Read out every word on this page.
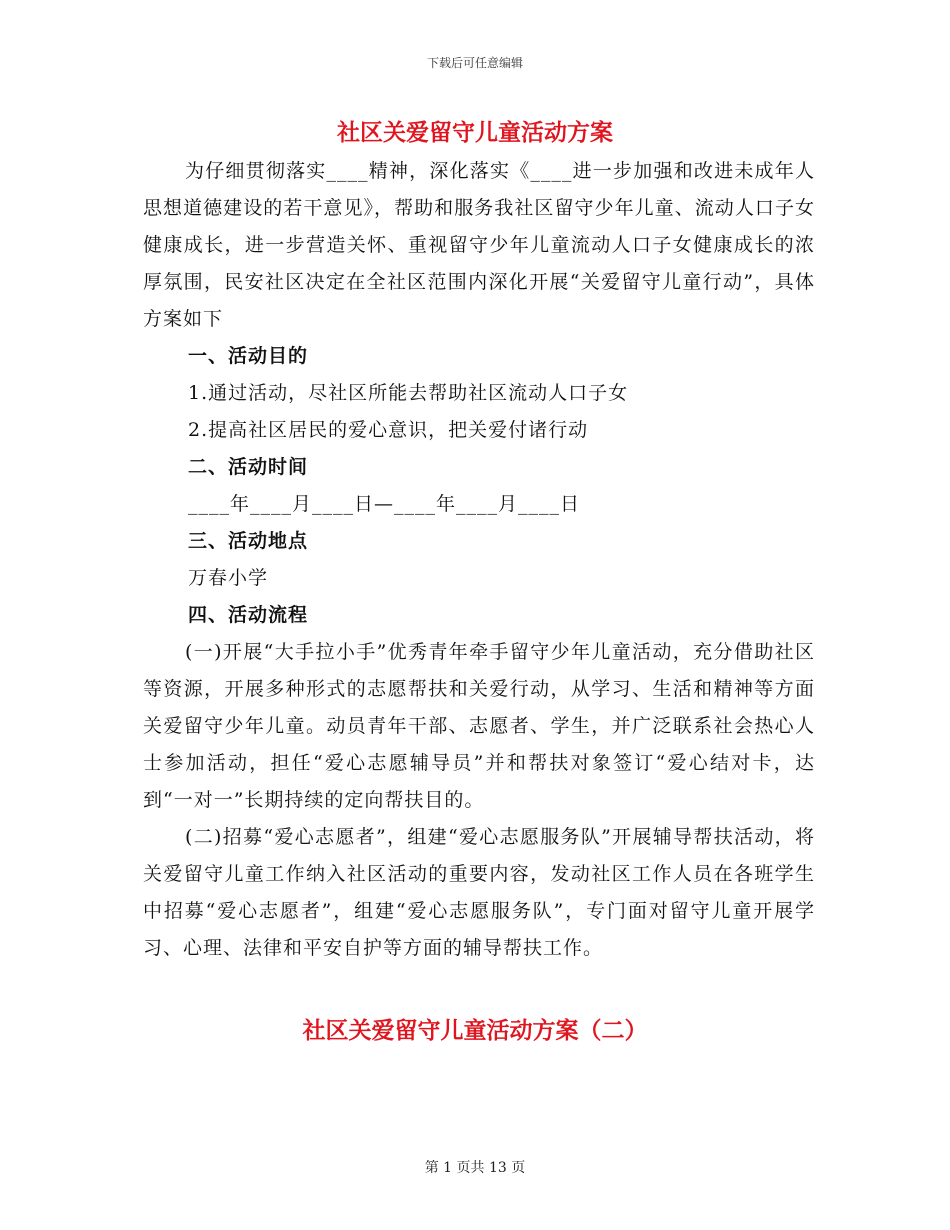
下载后可任意编辑
社区关爱留守儿童活动方案

为仔细贯彻落实____精神，深化落实《____进一步加强和改进未成年人思想道德建设的若干意见》，帮助和服务我社区留守少年儿童、流动人口子女健康成长，进一步营造关怀、重视留守少年儿童流动人口子女健康成长的浓厚氛围，民安社区决定在全社区范围内深化开展“关爱留守儿童行动”，具体方案如下

一、活动目的

1.通过活动，尽社区所能去帮助社区流动人口子女

2.提高社区居民的爱心意识，把关爱付诸行动

二、活动时间

____年____月____日—____年____月____日

三、活动地点

万春小学

四、活动流程

(一)开展“大手拉小手”优秀青年牵手留守少年儿童活动，充分借助社区等资源，开展多种形式的志愿帮扶和关爱行动，从学习、生活和精神等方面关爱留守少年儿童。动员青年干部、志愿者、学生，并广泛联系社会热心人士参加活动，担任“爱心志愿辅导员”并和帮扶对象签订“爱心结对卡，达到“一对一”长期持续的定向帮扶目的。

(二)招募“爱心志愿者”，组建“爱心志愿服务队”开展辅导帮扶活动，将关爱留守儿童工作纳入社区活动的重要内容，发动社区工作人员在各班学生中招募“爱心志愿者”，组建“爱心志愿服务队”，专门面对留守儿童开展学习、心理、法律和平安自护等方面的辅导帮扶工作。

社区关爱留守儿童活动方案（二）
第 1 页共 13 页
